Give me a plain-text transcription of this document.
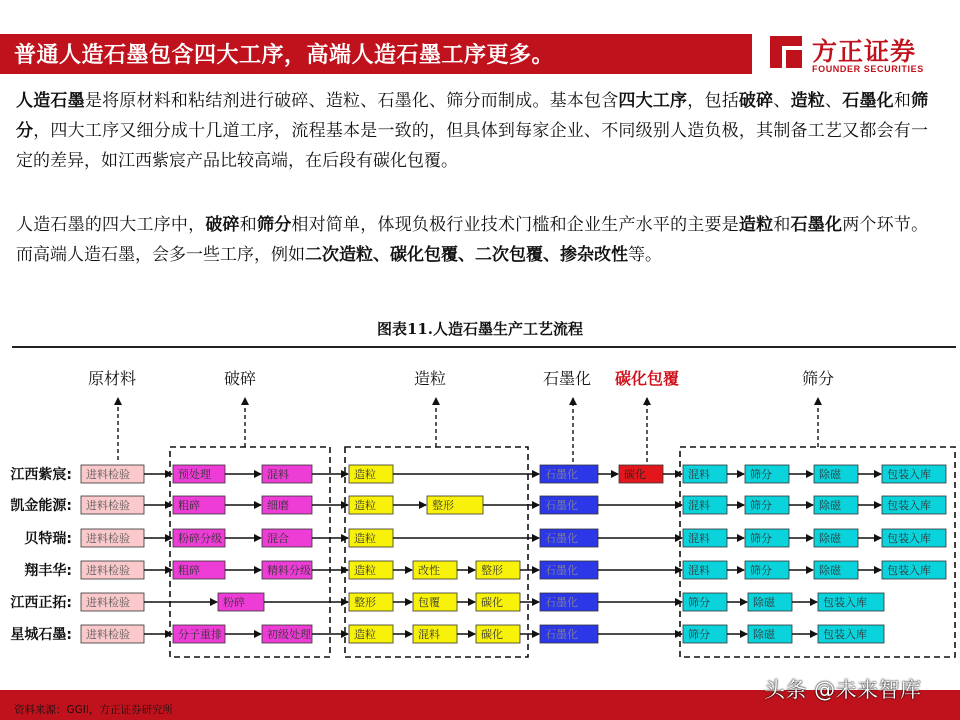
普通人造石墨包含四大工序，高端人造石墨工序更多。	方正证券
FOUNDER SECURITIES
人造石墨是将原材料和粘结剂进行破碎、造粒、石墨化、筛分而制成。基本包含四大工序，包括破碎、造粒、石墨化和筛分，四大工序又细分成十几道工序，流程基本是一致的，但具体到每家企业、不同级别人造负极，其制备工艺又都会有一定的差异，如江西紫宸产品比较高端，在后段有碳化包覆。
人造石墨的四大工序中，破碎和筛分相对简单，体现负极行业技术门槛和企业生产水平的主要是造粒和石墨化两个环节。 而高端人造石墨，会多一些工序，例如二次造粒、碳化包覆、二次包覆、掺杂改性等。
图表11.人造石墨生产工艺流程
原材料	破碎	造粒	石墨化 碳化包覆	筛分
江西紫宸: 进料检验	预处理	混料	造粒	石墨化	碳化	混料	筛分	除磁	包装入库
凯金能源: 进料检验	粗碎	细磨	造粒	整形	石墨化	混料	筛分	除磁	包装入库
贝特瑞: 进料检验	粉碎分级	混合	造粒	石墨化	混料	筛分	除磁	包装入库
翔丰华: 进料检验	粗碎	精料分级	造粒	改性	整形	石墨化	混料	筛分	除磁	包装入库
江西正拓: 进料检验	粉碎	整形	包覆	碳化	石墨化	筛分	除磁	包装入库
星城石墨: 进料检验	分子重排	初级处理	造粒	混料	碳化	石墨化	筛分	除磁	包装入库
资料来源：GGII，方正证券研究所
头条 @未来智库
